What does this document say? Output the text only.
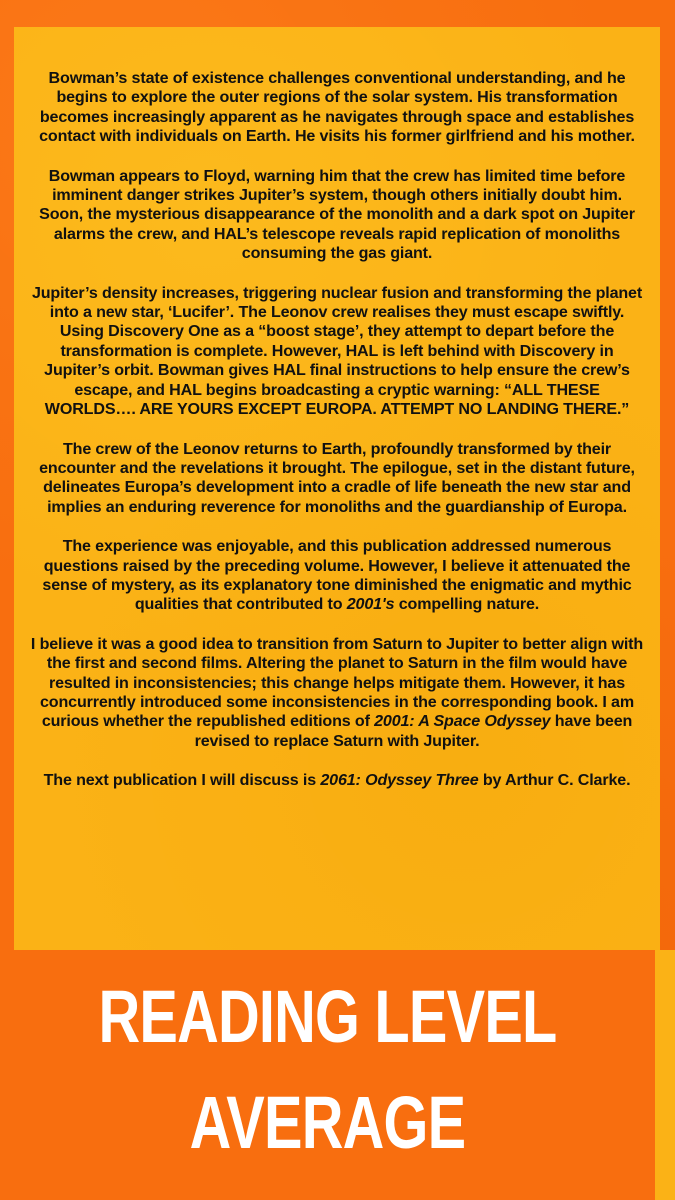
Bowman’s state of existence challenges conventional understanding, and he begins to explore the outer regions of the solar system. His transformation becomes increasingly apparent as he navigates through space and establishes contact with individuals on Earth. He visits his former girlfriend and his mother.

Bowman appears to Floyd, warning him that the crew has limited time before imminent danger strikes Jupiter’s system, though others initially doubt him. Soon, the mysterious disappearance of the monolith and a dark spot on Jupiter alarms the crew, and HAL’s telescope reveals rapid replication of monoliths consuming the gas giant.

Jupiter’s density increases, triggering nuclear fusion and transforming the planet into a new star, ‘Lucifer’. The Leonov crew realises they must escape swiftly. Using Discovery One as a “boost stage’, they attempt to depart before the transformation is complete. However, HAL is left behind with Discovery in Jupiter’s orbit. Bowman gives HAL final instructions to help ensure the crew’s escape, and HAL begins broadcasting a cryptic warning: “ALL THESE WORLDS…. ARE YOURS EXCEPT EUROPA. ATTEMPT NO LANDING THERE.”

The crew of the Leonov returns to Earth, profoundly transformed by their encounter and the revelations it brought. The epilogue, set in the distant future, delineates Europa’s development into a cradle of life beneath the new star and implies an enduring reverence for monoliths and the guardianship of Europa.

The experience was enjoyable, and this publication addressed numerous questions raised by the preceding volume. However, I believe it attenuated the sense of mystery, as its explanatory tone diminished the enigmatic and mythic qualities that contributed to 2001's compelling nature.

I believe it was a good idea to transition from Saturn to Jupiter to better align with the first and second films. Altering the planet to Saturn in the film would have resulted in inconsistencies; this change helps mitigate them. However, it has concurrently introduced some inconsistencies in the corresponding book. I am curious whether the republished editions of 2001: A Space Odyssey have been revised to replace Saturn with Jupiter.

The next publication I will discuss is 2061: Odyssey Three by Arthur C. Clarke.

READING LEVEL
AVERAGE
